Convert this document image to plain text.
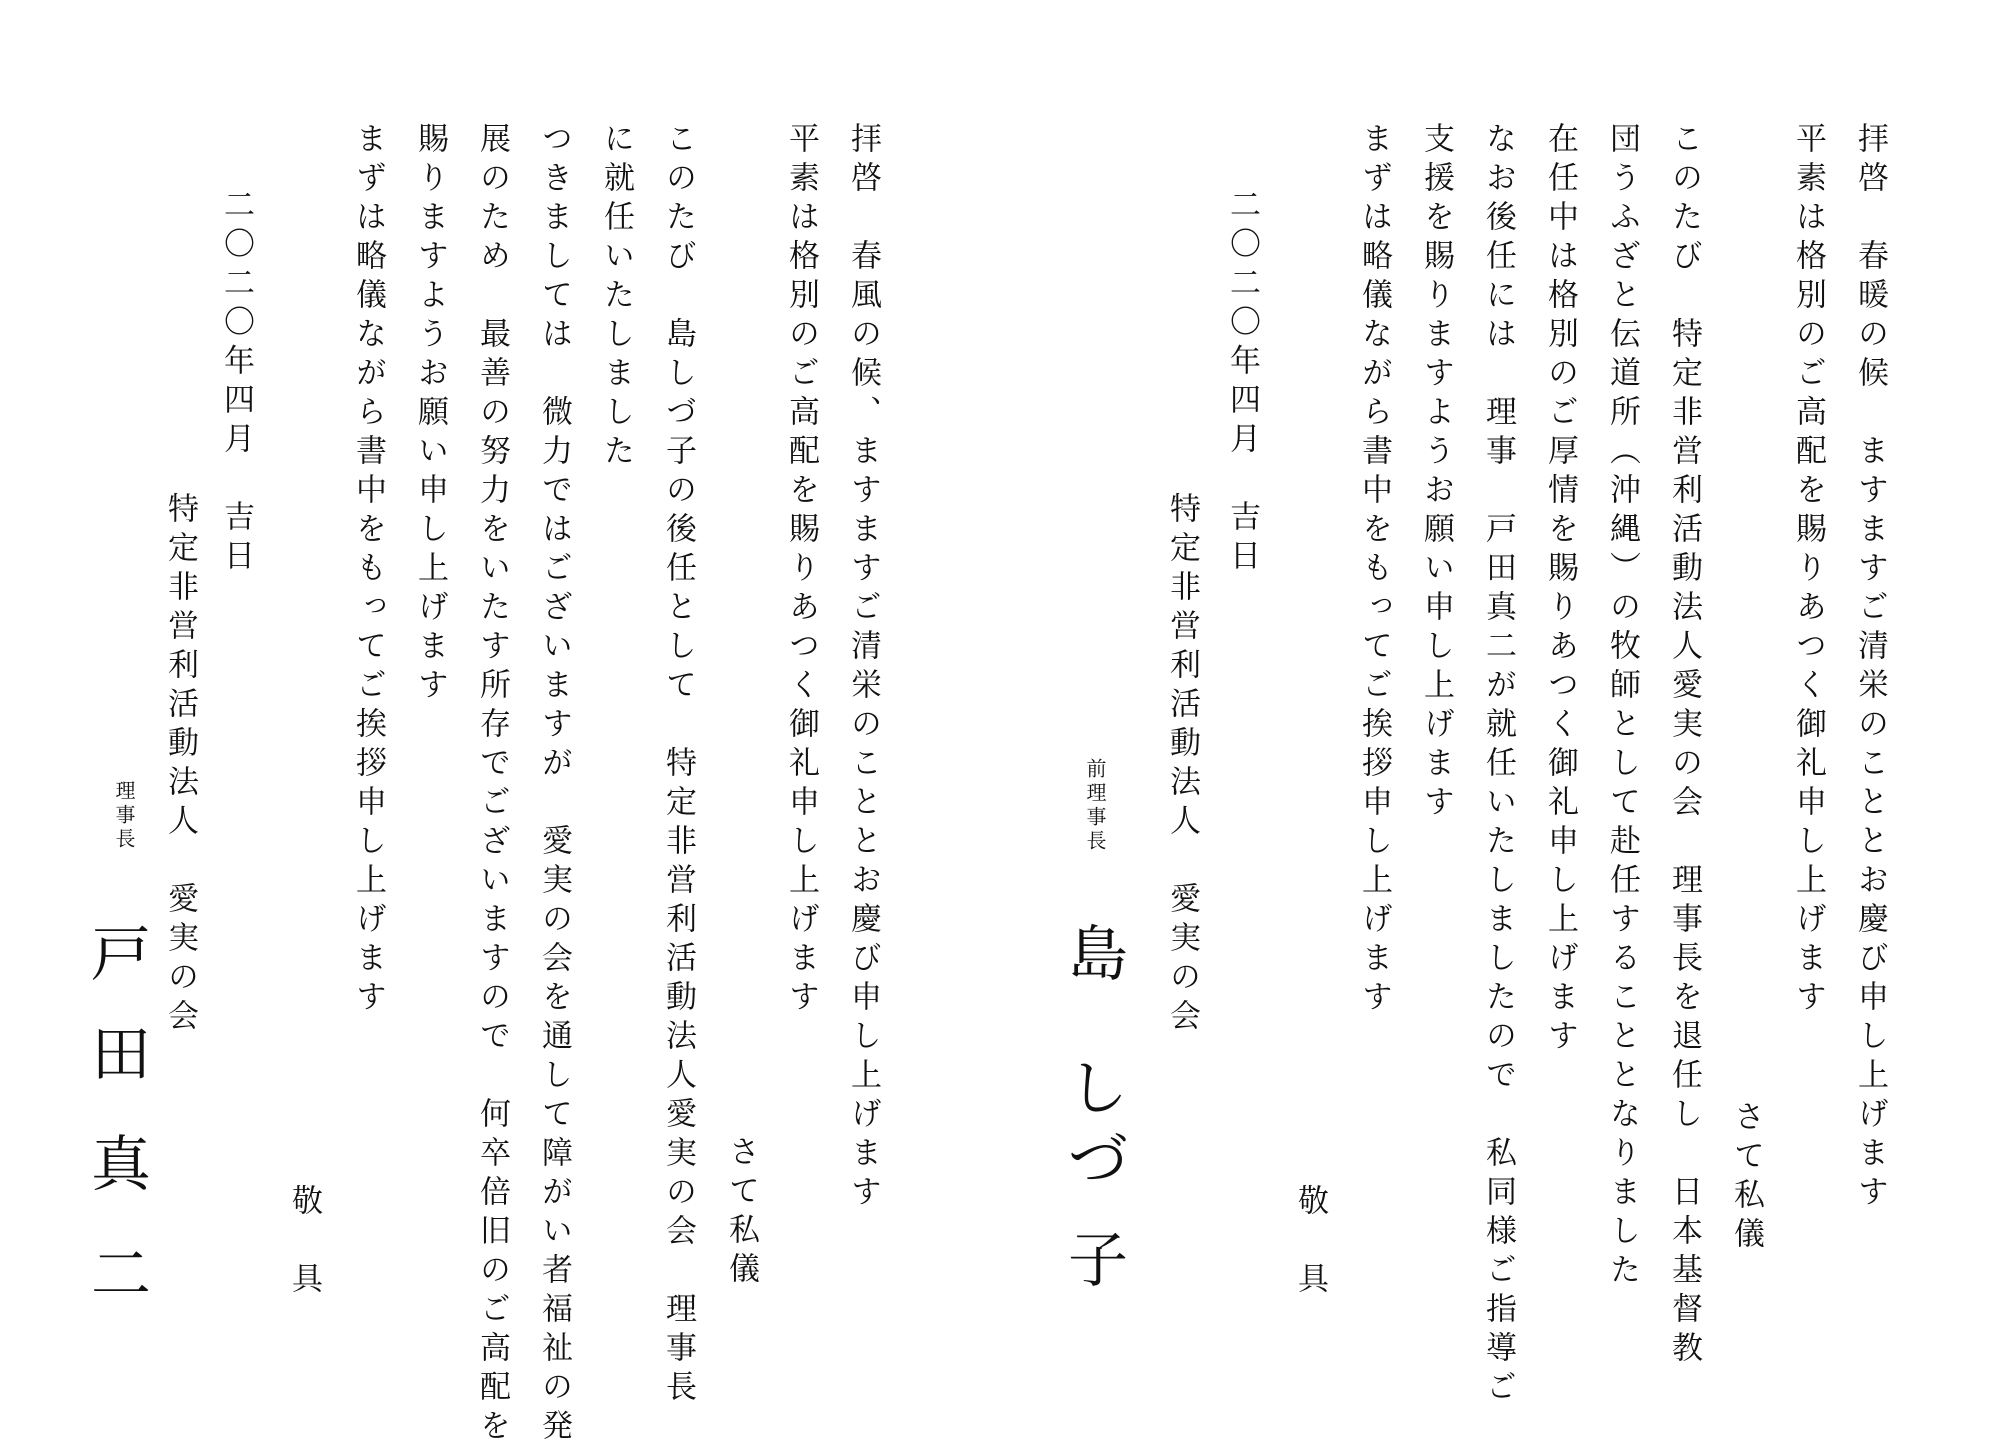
拝啓　春暖の候　ますますご清栄のこととお慶び申し上げます
平素は格別のご高配を賜りあつく御礼申し上げます
さて私儀
このたび　特定非営利活動法人愛実の会　理事長を退任し　日本基督教
団うふざと伝道所（沖縄）の牧師として赴任することとなりました
在任中は格別のご厚情を賜りあつく御礼申し上げます
なお後任には　理事　戸田真二が就任いたしましたので　私同様ご指導ご
支援を賜りますようお願い申し上げます
まずは略儀ながら書中をもってご挨拶申し上げます
敬　具
二〇二〇年四月　吉日
特定非営利活動法人　愛実の会
前理事長
島
し
づ
子
拝啓　春風の候、ますますご清栄のこととお慶び申し上げます
平素は格別のご高配を賜りあつく御礼申し上げます
さて私儀
このたび　島しづ子の後任として　特定非営利活動法人愛実の会　理事長
に就任いたしました
つきましては　微力ではございますが　愛実の会を通して障がい者福祉の発
展のため　最善の努力をいたす所存でございますので　何卒倍旧のご高配を
賜りますようお願い申し上げます
まずは略儀ながら書中をもってご挨拶申し上げます
敬　具
二〇二〇年四月　吉日
特定非営利活動法人　愛実の会
理事長
戸
田
真
二
